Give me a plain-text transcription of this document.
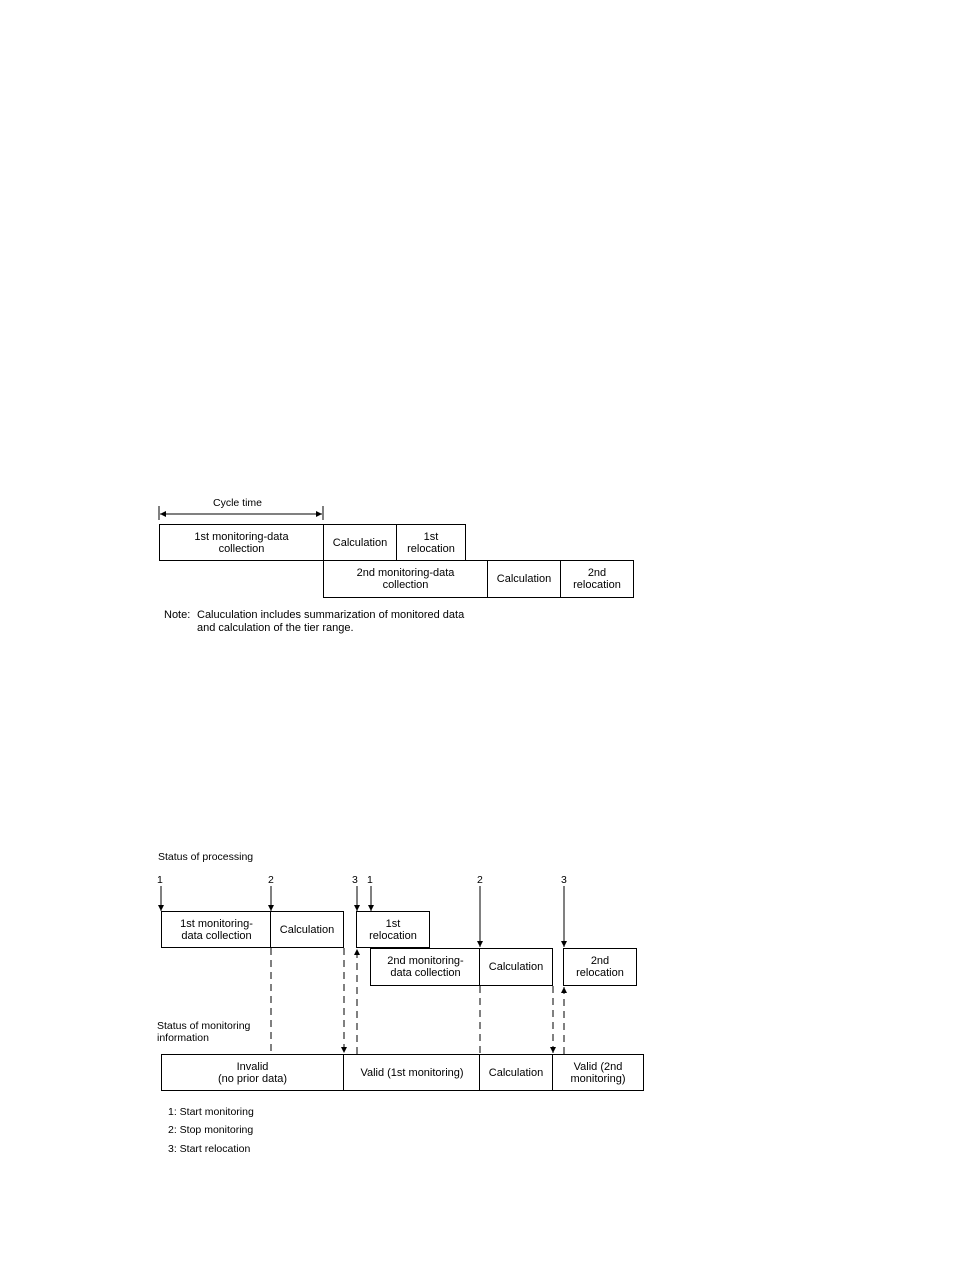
Cycle time
1st monitoring-data
collection	Calculation	1st
relocation
2nd monitoring-data
collection	Calculation	2nd
relocation
Note: Caluculation includes summarization of monitored data
and calculation of the tier range.
Status of processing
1	2	3 1	2	3
1st monitoring-
data collection	Calculation	1st
relocation
2nd monitoring-
data collection	Calculation	2nd
relocation
Status of monitoring
information
Invalid
(no prior data)	Valid (1st monitoring)	Calculation	Valid (2nd
monitoring)
1: Start monitoring
2: Stop monitoring
3: Start relocation
